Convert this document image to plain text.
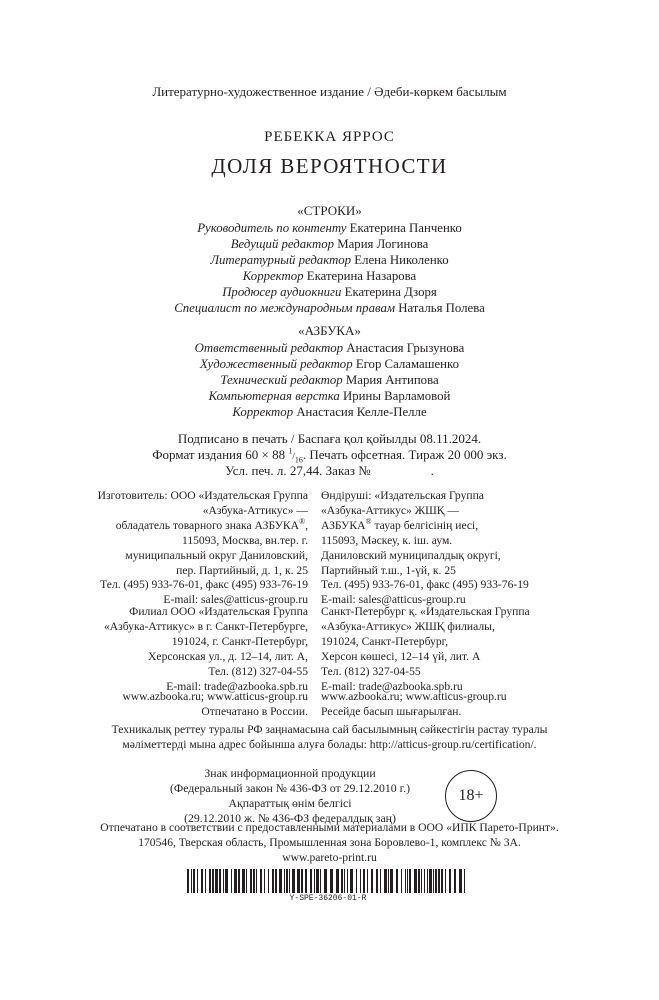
Литературно-художественное издание / Әдеби-көркем басылым
РЕБЕККА ЯРРОС
ДОЛЯ ВЕРОЯТНОСТИ
«СТРОКИ»
Руководитель по контенту Екатерина Панченко
Ведущий редактор Мария Логинова
Литературный редактор Елена Николенко
Корректор Екатерина Назарова
Продюсер аудиокниги Екатерина Дзоря
Специалист по международным правам Наталья Полева
«АЗБУКА»
Ответственный редактор Анастасия Грызунова
Художественный редактор Егор Саламашенко
Технический редактор Мария Антипова
Компьютерная верстка Ирины Варламовой
Корректор Анастасия Келле-Пелле
Подписано в печать / Баспаға қол қойылды 08.11.2024.
Формат издания 60 × 88 $^1/_{16}$. Печать офсетная. Тираж 20 000 экз.
Усл. печ. л. 27,44. Заказ №	.
Изготовитель: ООО «Издательская Группа
«Азбука-Аттикус» —
обладатель товарного знака АЗБУКА®,
115093, Москва, вн.тер. г.
муниципальный округ Даниловский,
пер. Партийный, д. 1, к. 25
Тел. (495) 933-76-01, факс (495) 933-76-19
E-mail: sales@atticus-group.ru
Өндіруші: «Издательская Группа
«Азбука-Аттикус» ЖШҚ —
АЗБУКА® тауар белгісінің иесі,
115093, Мәскеу, к. іш. аум.
Даниловский муниципалдық округі,
Партийный т.ш., 1-үй, к. 25
Тел. (495) 933-76-01, факс (495) 933-76-19
E-mail: sales@atticus-group.ru
Филиал ООО «Издательская Группа
«Азбука-Аттикус» в г. Санкт-Петербурге,
191024, г. Санкт-Петербург,
Херсонская ул., д. 12–14, лит. А,
Тел. (812) 327-04-55
E-mail: trade@azbooka.spb.ru
Санкт-Петербург қ. «Издательская Группа
«Азбука-Аттикус» ЖШҚ филиалы,
191024, Санкт-Петербург,
Херсон көшесі, 12–14 үй, лит. А
Тел. (812) 327-04-55
E-mail: trade@azbooka.spb.ru
www.azbooka.ru; www.atticus-group.ru
Отпечатано в России.
www.azbooka.ru; www.atticus-group.ru
Ресейде басып шығарылған.
Техникалық реттеу туралы РФ заңнамасына сай басылымның сәйкестігін растау туралы
мәліметтерді мына адрес бойынша алуға болады: http://atticus-group.ru/certification/.
Знак информационной продукции
(Федеральный закон № 436-ФЗ от 29.12.2010 г.)
Ақпараттық өнім белгісі
(29.12.2010 ж. № 436-ФЗ федералдық заң)
18+
Отпечатано в соответствии с предоставленными материалами в ООО «ИПК Парето-Принт».
170546, Тверская область, Промышленная зона Боровлево-1, комплекс № 3А.
www.pareto-print.ru
Y-SPE-36206-01-R
